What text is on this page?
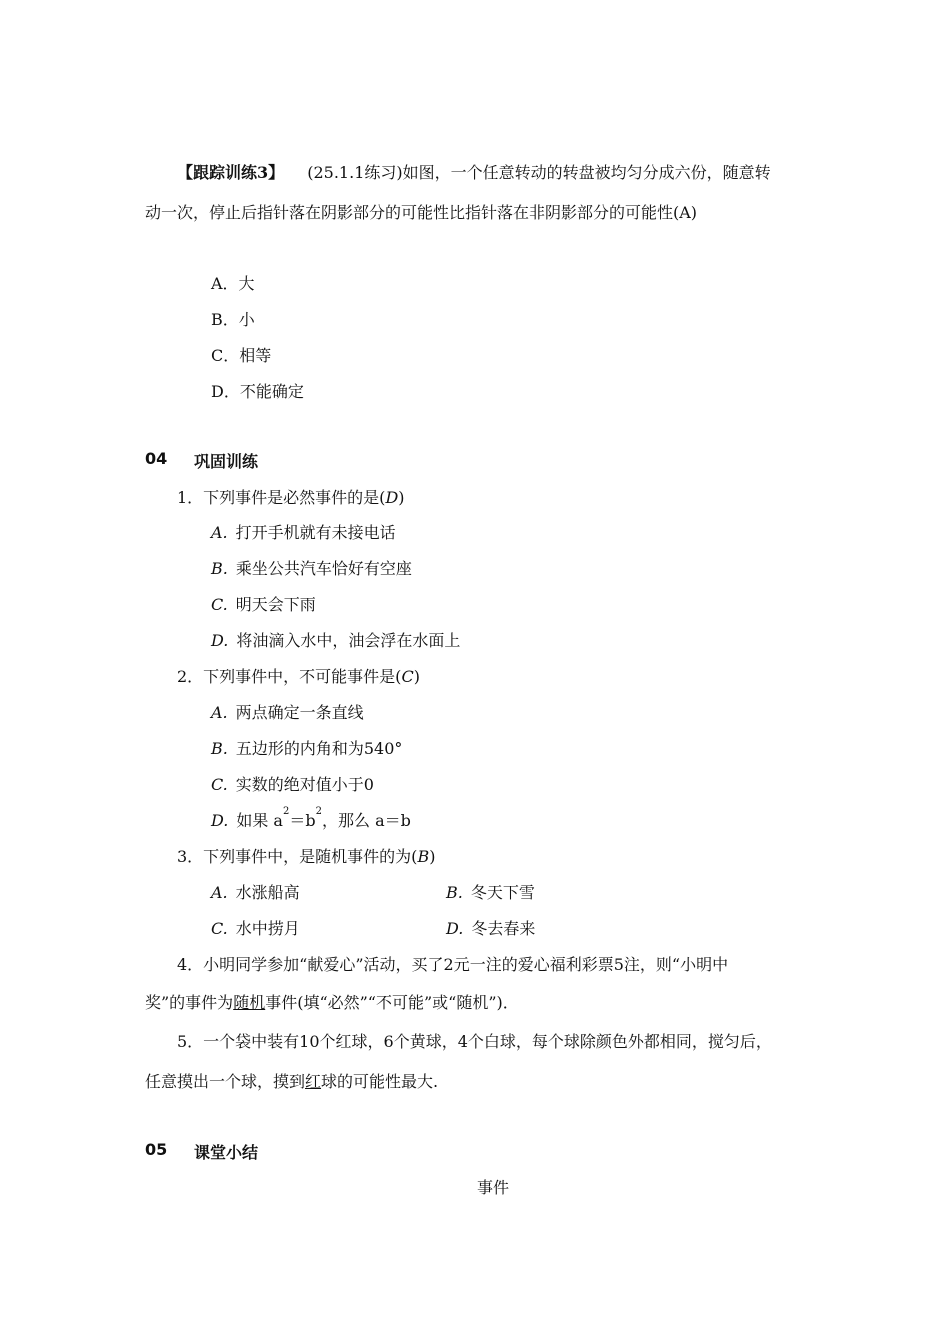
【跟踪训练3】 (25.1.1练习)如图，一个任意转动的转盘被均匀分成六份，随意转
动一次，停止后指针落在阴影部分的可能性比指针落在非阴影部分的可能性(A)
A．大
B．小
C．相等
D．不能确定
04 巩固训练
1．下列事件是必然事件的是(D)
A. 打开手机就有未接电话
B. 乘坐公共汽车恰好有空座
C. 明天会下雨
D. 将油滴入水中，油会浮在水面上
2．下列事件中，不可能事件是(C)
A. 两点确定一条直线
B. 五边形的内角和为540°
C. 实数的绝对值小于0
D. 如果 $a^2=b^2$，那么 a＝b
3．下列事件中，是随机事件的为(B)
A. 水涨船高	B. 冬天下雪
C. 水中捞月	D. 冬去春来
4．小明同学参加“献爱心”活动，买了2元一注的爱心福利彩票5注，则“小明中
奖”的事件为随机事件(填“必然”“不可能”或“随机”)．
5．一个袋中装有10个红球，6个黄球，4个白球，每个球除颜色外都相同，搅匀后，
任意摸出一个球，摸到红球的可能性最大.
05 课堂小结
事件
